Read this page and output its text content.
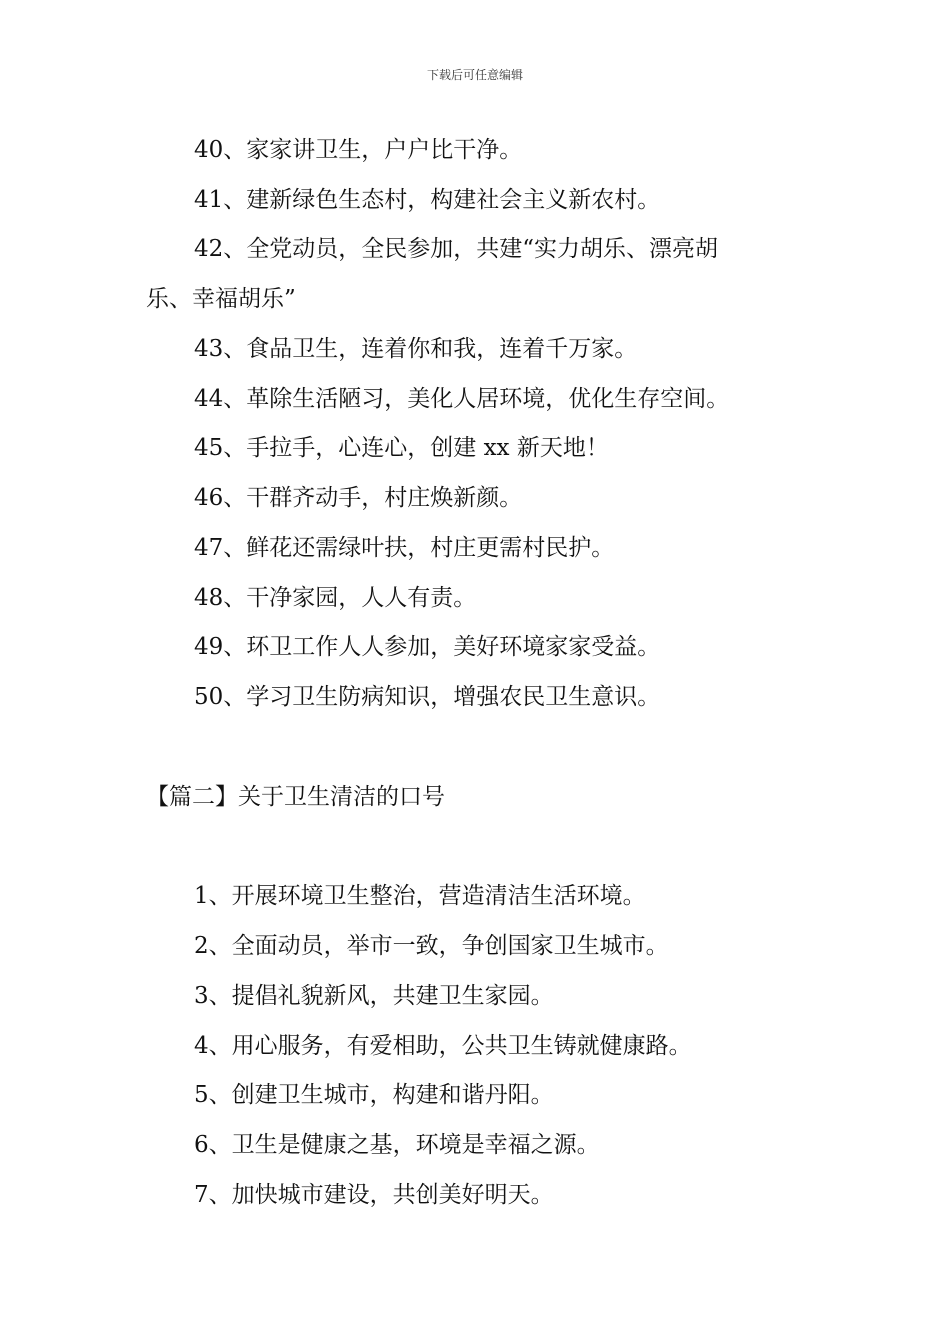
下载后可任意编辑
40、家家讲卫生，户户比干净。
41、建新绿色生态村，构建社会主义新农村。
42、全党动员，全民参加，共建“实力胡乐、漂亮胡
乐、幸福胡乐”
43、食品卫生，连着你和我，连着千万家。
44、革除生活陋习，美化人居环境，优化生存空间。
45、手拉手，心连心，创建 xx 新天地！
46、干群齐动手，村庄焕新颜。
47、鲜花还需绿叶扶，村庄更需村民护。
48、干净家园，人人有责。
49、环卫工作人人参加，美好环境家家受益。
50、学习卫生防病知识，增强农民卫生意识。
【篇二】关于卫生清洁的口号
1、开展环境卫生整治，营造清洁生活环境。
2、全面动员，举市一致，争创国家卫生城市。
3、提倡礼貌新风，共建卫生家园。
4、用心服务，有爱相助，公共卫生铸就健康路。
5、创建卫生城市，构建和谐丹阳。
6、卫生是健康之基，环境是幸福之源。
7、加快城市建设，共创美好明天。
